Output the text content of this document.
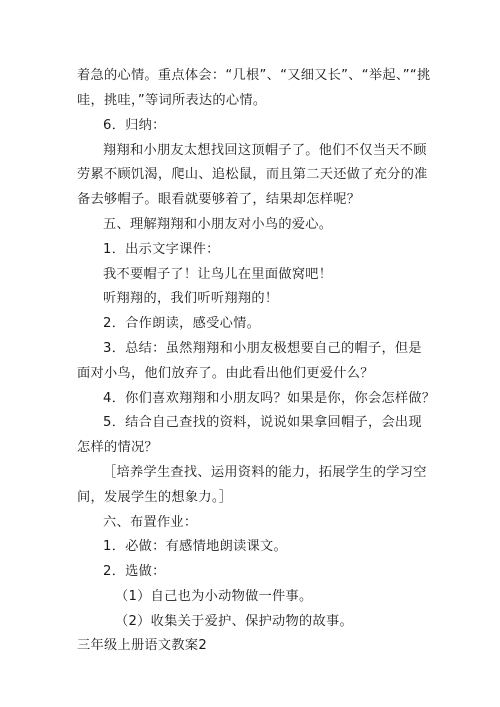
着急的心情。重点体会：“几根”、“又细又长”、“举起、”“挑
哇，挑哇，”等词所表达的心情。
6．归纳：
翔翔和小朋友太想找回这顶帽子了。他们不仅当天不顾
劳累不顾饥渴，爬山、追松鼠，而且第二天还做了充分的准
备去够帽子。眼看就要够着了，结果却怎样呢？
五、理解翔翔和小朋友对小鸟的爱心。
1．出示文字课件：
我不要帽子了！让鸟儿在里面做窝吧！
听翔翔的，我们听听翔翔的！
2．合作朗读，感受心情。
3．总结：虽然翔翔和小朋友极想要自己的帽子，但是
面对小鸟，他们放弃了。由此看出他们更爱什么？
4．你们喜欢翔翔和小朋友吗？如果是你，你会怎样做？
5．结合自己查找的资料，说说如果拿回帽子，会出现
怎样的情况？
［培养学生查找、运用资料的能力，拓展学生的学习空
间，发展学生的想象力。］
六、布置作业：
1．必做：有感情地朗读课文。
2．选做：
（1）自己也为小动物做一件事。
（2）收集关于爱护、保护动物的故事。
三年级上册语文教案2
